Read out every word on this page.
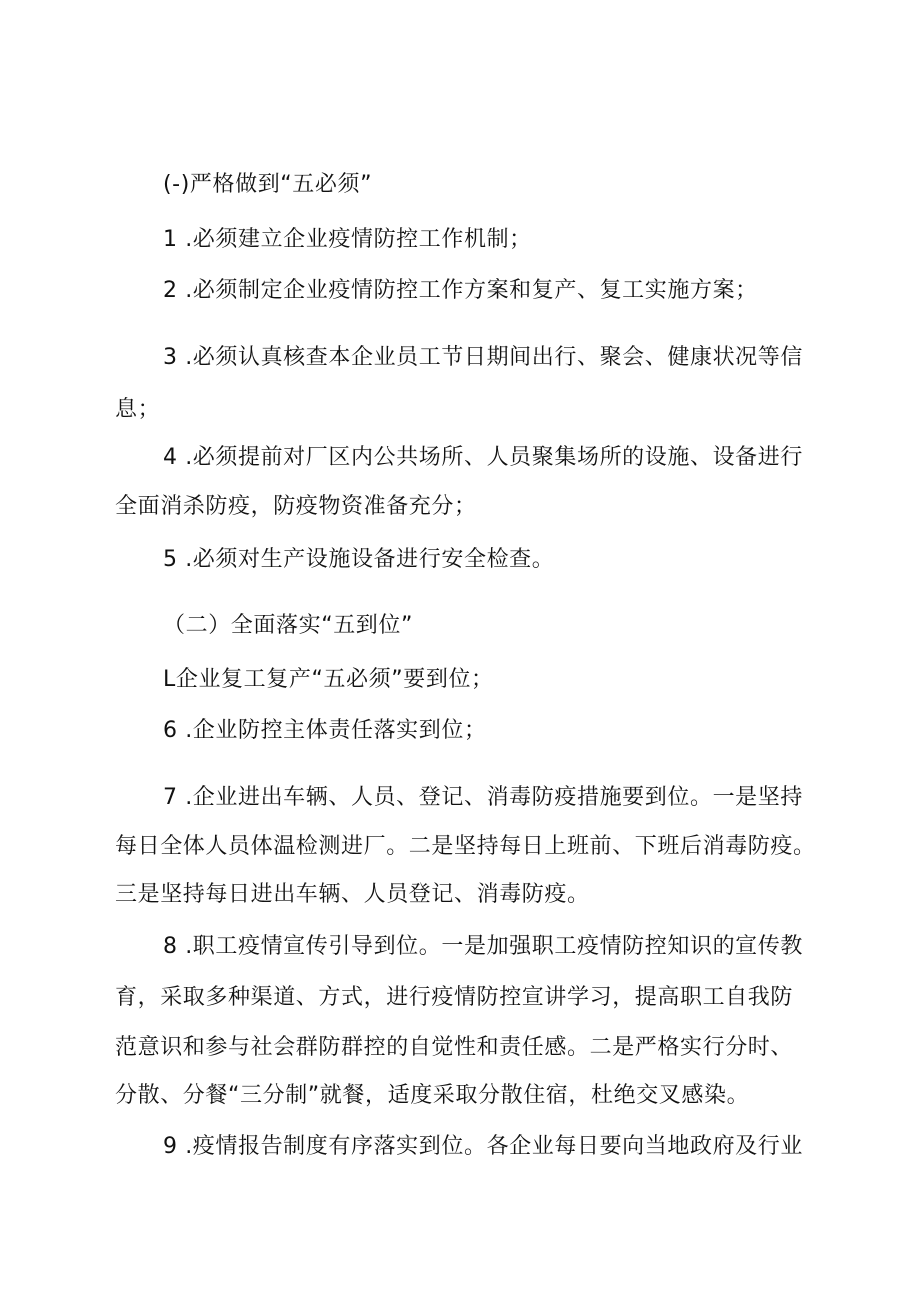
(-)严格做到“五必须”
1 .必须建立企业疫情防控工作机制；
2 .必须制定企业疫情防控工作方案和复产、复工实施方案；
3 .必须认真核查本企业员工节日期间出行、聚会、健康状况等信
息；
4 .必须提前对厂区内公共场所、人员聚集场所的设施、设备进行
全面消杀防疫，防疫物资准备充分；
5 .必须对生产设施设备进行安全检查。
（二）全面落实“五到位”
L企业复工复产“五必须”要到位；
6 .企业防控主体责任落实到位；
7 .企业进出车辆、人员、登记、消毒防疫措施要到位。一是坚持
每日全体人员体温检测进厂。二是坚持每日上班前、下班后消毒防疫。
三是坚持每日进出车辆、人员登记、消毒防疫。
8 .职工疫情宣传引导到位。一是加强职工疫情防控知识的宣传教
育，采取多种渠道、方式，进行疫情防控宣讲学习，提高职工自我防
范意识和参与社会群防群控的自觉性和责任感。二是严格实行分时、
分散、分餐“三分制”就餐，适度采取分散住宿，杜绝交叉感染。
9 .疫情报告制度有序落实到位。各企业每日要向当地政府及行业
